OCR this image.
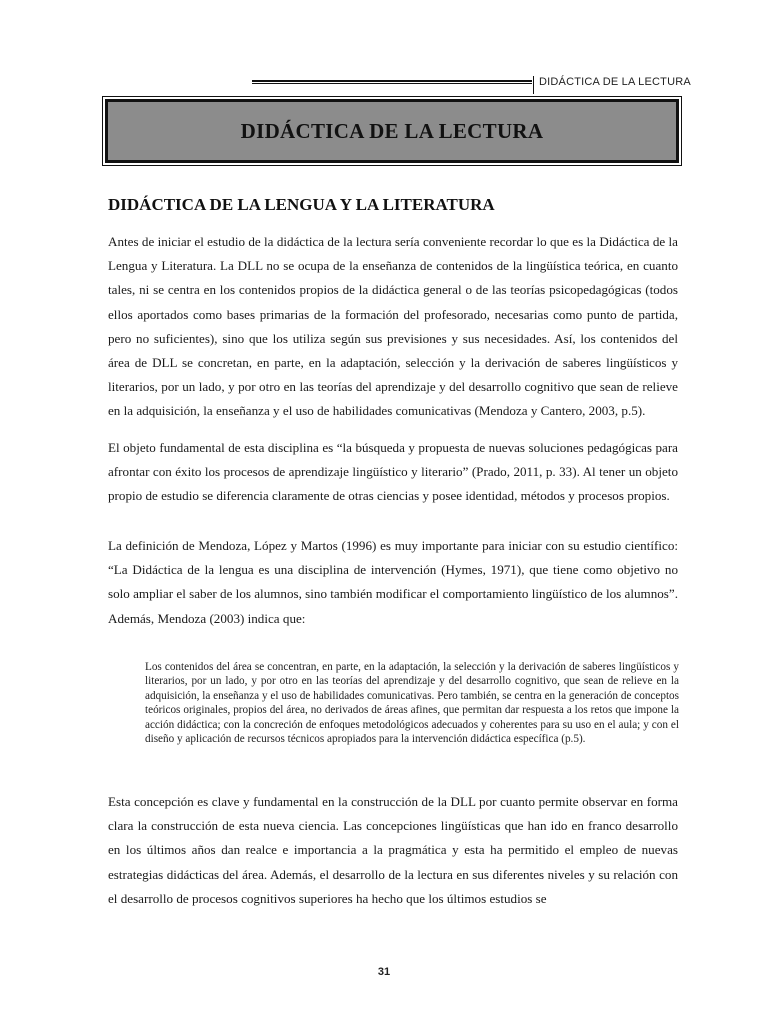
DIDÁCTICA DE LA LECTURA
DIDÁCTICA DE LA LECTURA
DIDÁCTICA DE LA LENGUA Y LA LITERATURA

Antes de iniciar el estudio de la didáctica de la lectura sería conveniente recordar lo que es la Didáctica de la Lengua y Literatura. La DLL no se ocupa de la enseñanza de contenidos de la lingüística teórica, en cuanto tales, ni se centra en los contenidos propios de la didáctica general o de las teorías psicopedagógicas (todos ellos aportados como bases primarias de la formación del profesorado, necesarias como punto de partida, pero no suficientes), sino que los utiliza según sus previsiones y sus necesidades. Así, los contenidos del área de DLL se concretan, en parte, en la adaptación, selección y la derivación de saberes lingüísticos y literarios, por un lado, y por otro en las teorías del aprendizaje y del desarrollo cognitivo que sean de relieve en la adquisición, la enseñanza y el uso de habilidades comunicativas (Mendoza y Cantero, 2003, p.5).

El objeto fundamental de esta disciplina es “la búsqueda y propuesta de nuevas soluciones pedagógicas para afrontar con éxito los procesos de aprendizaje lingüístico y literario” (Prado, 2011, p. 33). Al tener un objeto propio de estudio se diferencia claramente de otras ciencias y posee identidad, métodos y procesos propios.

La definición de Mendoza, López y Martos (1996) es muy importante para iniciar con su estudio científico: “La Didáctica de la lengua es una disciplina de intervención (Hymes, 1971), que tiene como objetivo no solo ampliar el saber de los alumnos, sino también modificar el comportamiento lingüístico de los alumnos”. Además, Mendoza (2003) indica que:

Los contenidos del área se concentran, en parte, en la adaptación, la selección y la derivación de saberes lingüísticos y literarios, por un lado, y por otro en las teorías del aprendizaje y del desarrollo cognitivo, que sean de relieve en la adquisición, la enseñanza y el uso de habilidades comunicativas. Pero también, se centra en la generación de conceptos teóricos originales, propios del área, no derivados de áreas afines, que permitan dar respuesta a los retos que impone la acción didáctica; con la concreción de enfoques metodológicos adecuados y coherentes para su uso en el aula; y con el diseño y aplicación de recursos técnicos apropiados para la intervención didáctica específica (p.5).

Esta concepción es clave y fundamental en la construcción de la DLL por cuanto permite observar en forma clara la construcción de esta nueva ciencia. Las concepciones lingüísticas que han ido en franco desarrollo en los últimos años dan realce e importancia a la pragmática y esta ha permitido el empleo de nuevas estrategias didácticas del área. Además, el desarrollo de la lectura en sus diferentes niveles y su relación con el desarrollo de procesos cognitivos superiores ha hecho que los últimos estudios se

31
